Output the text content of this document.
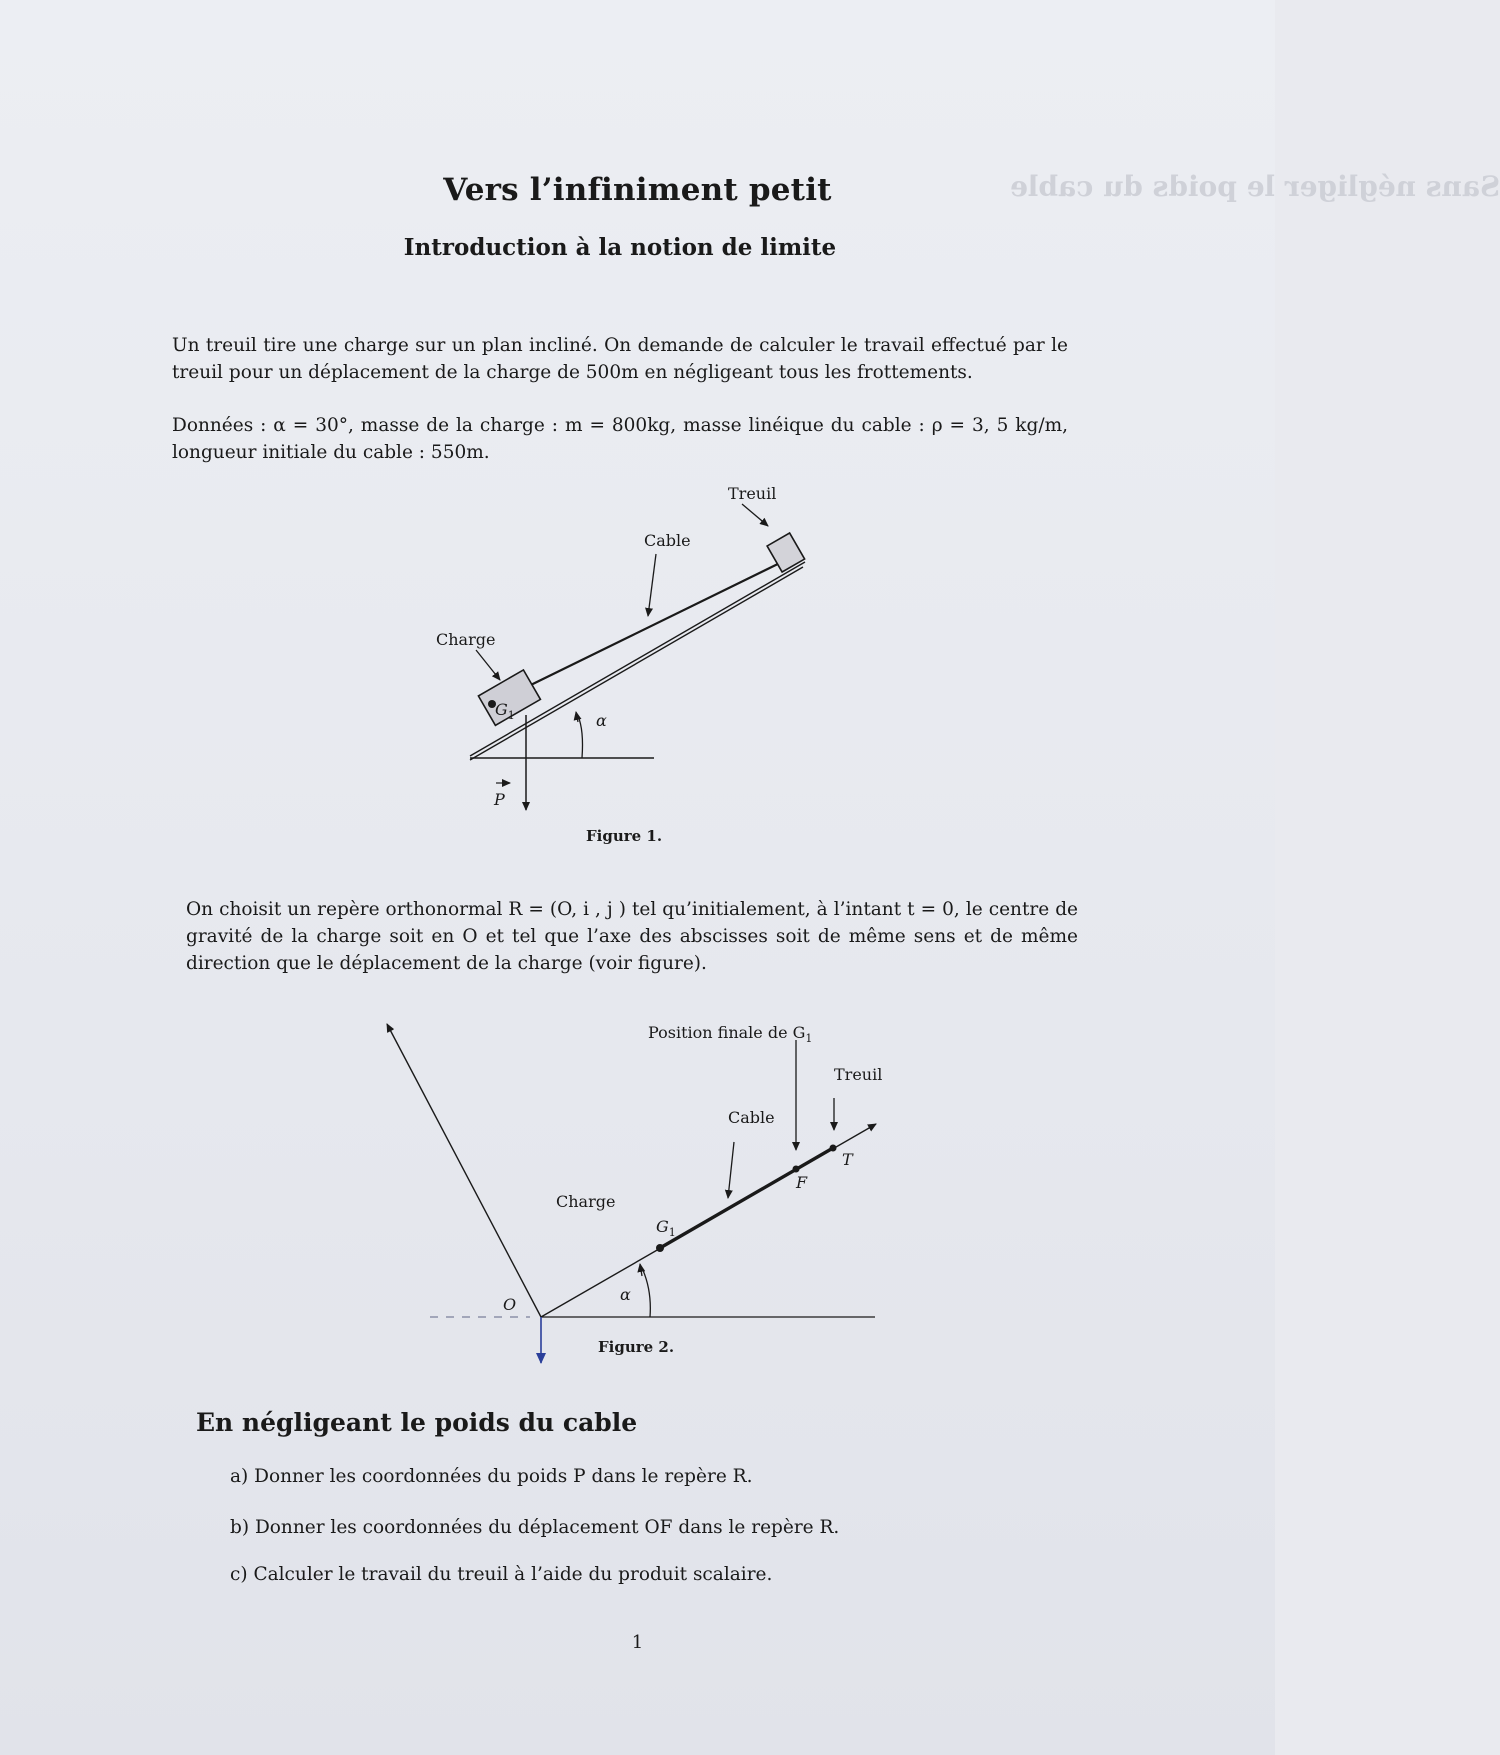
Sans négliger le poids du cable
Vers l’infiniment petit
Introduction à la notion de limite
Un treuil tire une charge sur un plan incliné. On demande de calculer le travail effectué par le treuil pour un déplacement de la charge de 500m en négligeant tous les frottements.
Données : α = 30°, masse de la charge : m = 800kg, masse linéique du cable : ρ = 3, 5 kg/m, longueur initiale du cable : 550m.
Treuil
Cable
Charge
$G_1$	α
P
Position finale de $G_1$
Treuil
Cable
Charge
$G_1$
F
T
O
α
Figure 1.
On choisit un repère orthonormal R = (O, i , j ) tel qu’initialement, à l’intant t = 0, le centre de gravité de la charge soit en O et tel que l’axe des abscisses soit de même sens et de même direction que le déplacement de la charge (voir figure).
Figure 2.
En négligeant le poids du cable
a) Donner les coordonnées du poids P dans le repère R.
b) Donner les coordonnées du déplacement OF dans le repère R.
c) Calculer le travail du treuil à l’aide du produit scalaire.
1
